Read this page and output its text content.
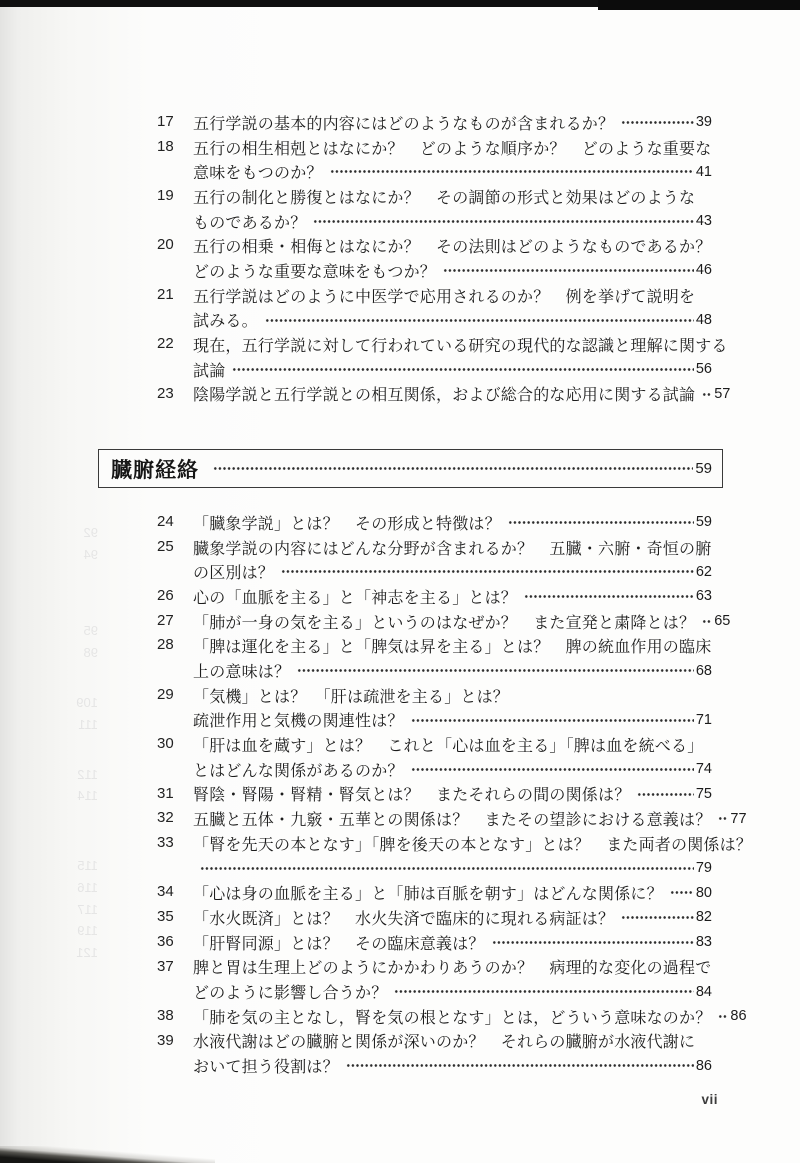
92
94
95
98
109
111
112
114
115
116
117
119
121
17	五行学説の基本的内容にはどのようなものが含まれるか？	39
18	五行の相生相剋とはなにか？　どのような順序か？　どのような重要な
意味をもつのか？	41
19	五行の制化と勝復とはなにか？　その調節の形式と効果はどのような
ものであるか？	43
20	五行の相乗・相侮とはなにか？　その法則はどのようなものであるか？
どのような重要な意味をもつか？	46
21	五行学説はどのように中医学で応用されるのか？　例を挙げて説明を
試みる。	48
22	現在，五行学説に対して行われている研究の現代的な認識と理解に関する
試論	56
23	陰陽学説と五行学説との相互関係，および総合的な応用に関する試論 57
臓腑経絡	59
24	「臓象学説」とは？　その形成と特徴は？	59
25	臓象学説の内容にはどんな分野が含まれるか？　五臓・六腑・奇恒の腑
の区別は？	62
26	心の「血脈を主る」と「神志を主る」とは？	63
27	「肺が一身の気を主る」というのはなぜか？　また宣発と粛降とは？ 65
28	「脾は運化を主る」と「脾気は昇を主る」とは？　脾の統血作用の臨床
上の意味は？	68
29	「気機」とは？　「肝は疏泄を主る」とは？
疏泄作用と気機の関連性は？	71
30	「肝は血を蔵す」とは？　これと「心は血を主る」「脾は血を統べる」
とはどんな関係があるのか？	74
31	腎陰・腎陽・腎精・腎気とは？　またそれらの間の関係は？	75
32	五臓と五体・九竅・五華との関係は？　またその望診における意義は？ 77
33	「腎を先天の本となす」「脾を後天の本となす」とは？　また両者の関係は？
79
34	「心は身の血脈を主る」と「肺は百脈を朝す」はどんな関係に？ 80
35	「水火既済」とは？　水火失済で臨床的に現れる病証は？	82
36	「肝腎同源」とは？　その臨床意義は？	83
37	脾と胃は生理上どのようにかかわりあうのか？　病理的な変化の過程で
どのように影響し合うか？	84
38	「肺を気の主となし，腎を気の根となす」とは，どういう意味なのか？ 86
39	水液代謝はどの臓腑と関係が深いのか？　それらの臓腑が水液代謝に
おいて担う役割は？	86
vii
